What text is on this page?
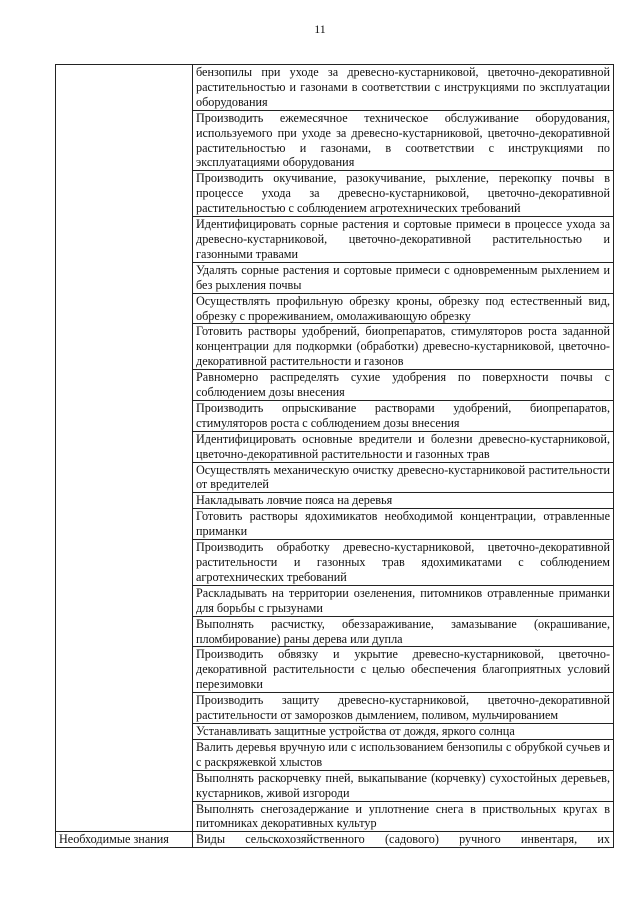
11

	бензопилы при уходе за древесно-кустарниковой, цветочно-декоративной растительностью и газонами в соответствии с инструкциями по эксплуатации оборудования

	Производить ежемесячное техническое обслуживание оборудования, используемого при уходе за древесно-кустарниковой, цветочно-декоративной растительностью и газонами, в соответствии с инструкциями по эксплуатациями оборудования

	Производить окучивание, разокучивание, рыхление, перекопку почвы в процессе ухода за древесно-кустарниковой, цветочно-декоративной растительностью с соблюдением агротехнических требований

	Идентифицировать сорные растения и сортовые примеси в процессе ухода за древесно-кустарниковой, цветочно-декоративной растительностью и газонными травами

	Удалять сорные растения и сортовые примеси с одновременным рыхлением и без рыхления почвы

	Осуществлять профильную обрезку кроны, обрезку под естественный вид, обрезку с прореживанием, омолаживающую обрезку

	Готовить растворы удобрений, биопрепаратов, стимуляторов роста заданной концентрации для подкормки (обработки) древесно-кустарниковой, цветочно-декоративной растительности и газонов

	Равномерно распределять сухие удобрения по поверхности почвы с соблюдением дозы внесения

	Производить опрыскивание растворами удобрений, биопрепаратов, стимуляторов роста с соблюдением дозы внесения

	Идентифицировать основные вредители и болезни древесно-кустарниковой, цветочно-декоративной растительности и газонных трав

	Осуществлять механическую очистку древесно-кустарниковой растительности от вредителей

	Накладывать ловчие пояса на деревья

	Готовить растворы ядохимикатов необходимой концентрации, отравленные приманки

	Производить обработку древесно-кустарниковой, цветочно-декоративной растительности и газонных трав ядохимикатами с соблюдением агротехнических требований

	Раскладывать на территории озеленения, питомников отравленные приманки для борьбы с грызунами

	Выполнять расчистку, обеззараживание, замазывание (окрашивание, пломбирование) раны дерева или дупла

	Производить обвязку и укрытие древесно-кустарниковой, цветочно-декоративной растительности с целью обеспечения благоприятных условий перезимовки

	Производить защиту древесно-кустарниковой, цветочно-декоративной растительности от заморозков дымлением, поливом, мульчированием

	Устанавливать защитные устройства от дождя, яркого солнца

	Валить деревья вручную или с использованием бензопилы с обрубкой сучьев и с раскряжевкой хлыстов

	Выполнять раскорчевку пней, выкапывание (корчевку) сухостойных деревьев, кустарников, живой изгороди

	Выполнять снегозадержание и уплотнение снега в приствольных кругах в питомниках декоративных культур

Необходимые знания	Виды сельскохозяйственного (садового) ручного инвентаря, их
